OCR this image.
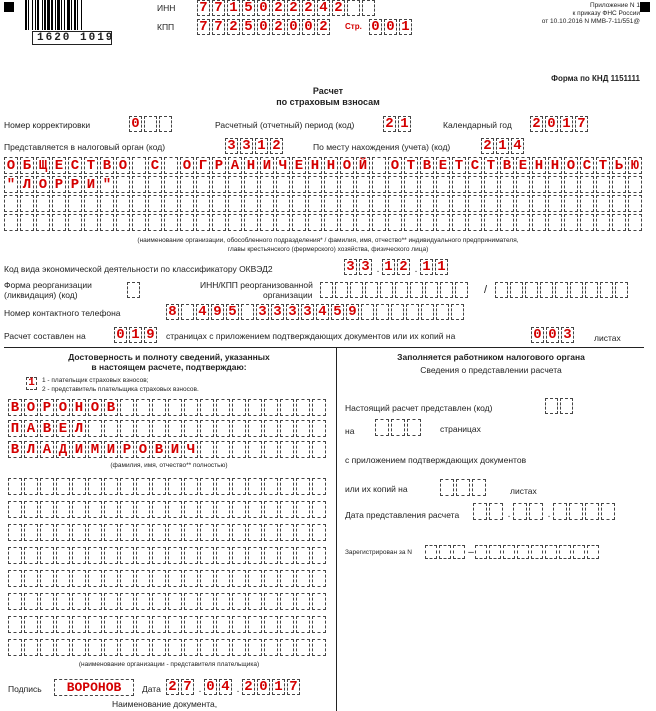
1620 1019
ИНН 7 7 1 5 0 2 2 2 4 2
КПП 7 7 2 5 0 2 0 0 2 Стр. 0 0 1
Приложение N 1
к приказу ФНС России
от 10.10.2016 N ММВ-7-11/551@
Форма по КНД 1151111
Расчет
по страховым взносам
Номер корректировки	0	Расчетный (отчетный) период (код) 2 1	Календарный год 2 0 1 7
Представляется в налоговый орган (код)	3 3 1 2	По месту нахождения (учета) (код) 2 1 4
О Б Щ Е С Т В О С О Г Р А Н И Ч Е Н Н О Й О Т В Е Т С Т В Е Н Н О С Т Ь Ю
" Л О Р Р И "
(наименование организации, обособленного подразделения* / фамилия, имя, отчество** индивидуального предпринимателя,
главы крестьянского (фермерского) хозяйства, физического лица)
Код вида экономической деятельности по классификатору ОКВЭД2	3 3 . 1 2 . 1 1
Форма реорганизации
(ликвидация) (код)
ИНН/КПП реорганизованной
организации	/
Номер контактного телефона	8 4 9 5 3 3 3 3 4 5 9
Расчет составлен на 0 1 9 страницах с приложением подтверждающих документов или их копий на	0 0 3	листах
Достоверность и полноту сведений, указанных
в настоящем расчете, подтверждаю:
1	1 - плательщик страховых взносов;
2 - представитель плательщика страховых взносов.
В О Р О Н О В
П А В Е Л
В Л А Д И М И Р О В И Ч
(фамилия, имя, отчество** полностью)
(наименование организации - представителя плательщика)
Подпись	ВОРОНОВ	Дата 2 7 . 0 4 . 2 0 1 7
Наименование документа,
Заполняется работником налогового органа
Сведения о представлении расчета
Настоящий расчет представлен (код)
на	страницах
с приложением подтверждающих документов
или их копий на	листах
Дата представления расчета	.	.
Зарегистрирован за N	–
